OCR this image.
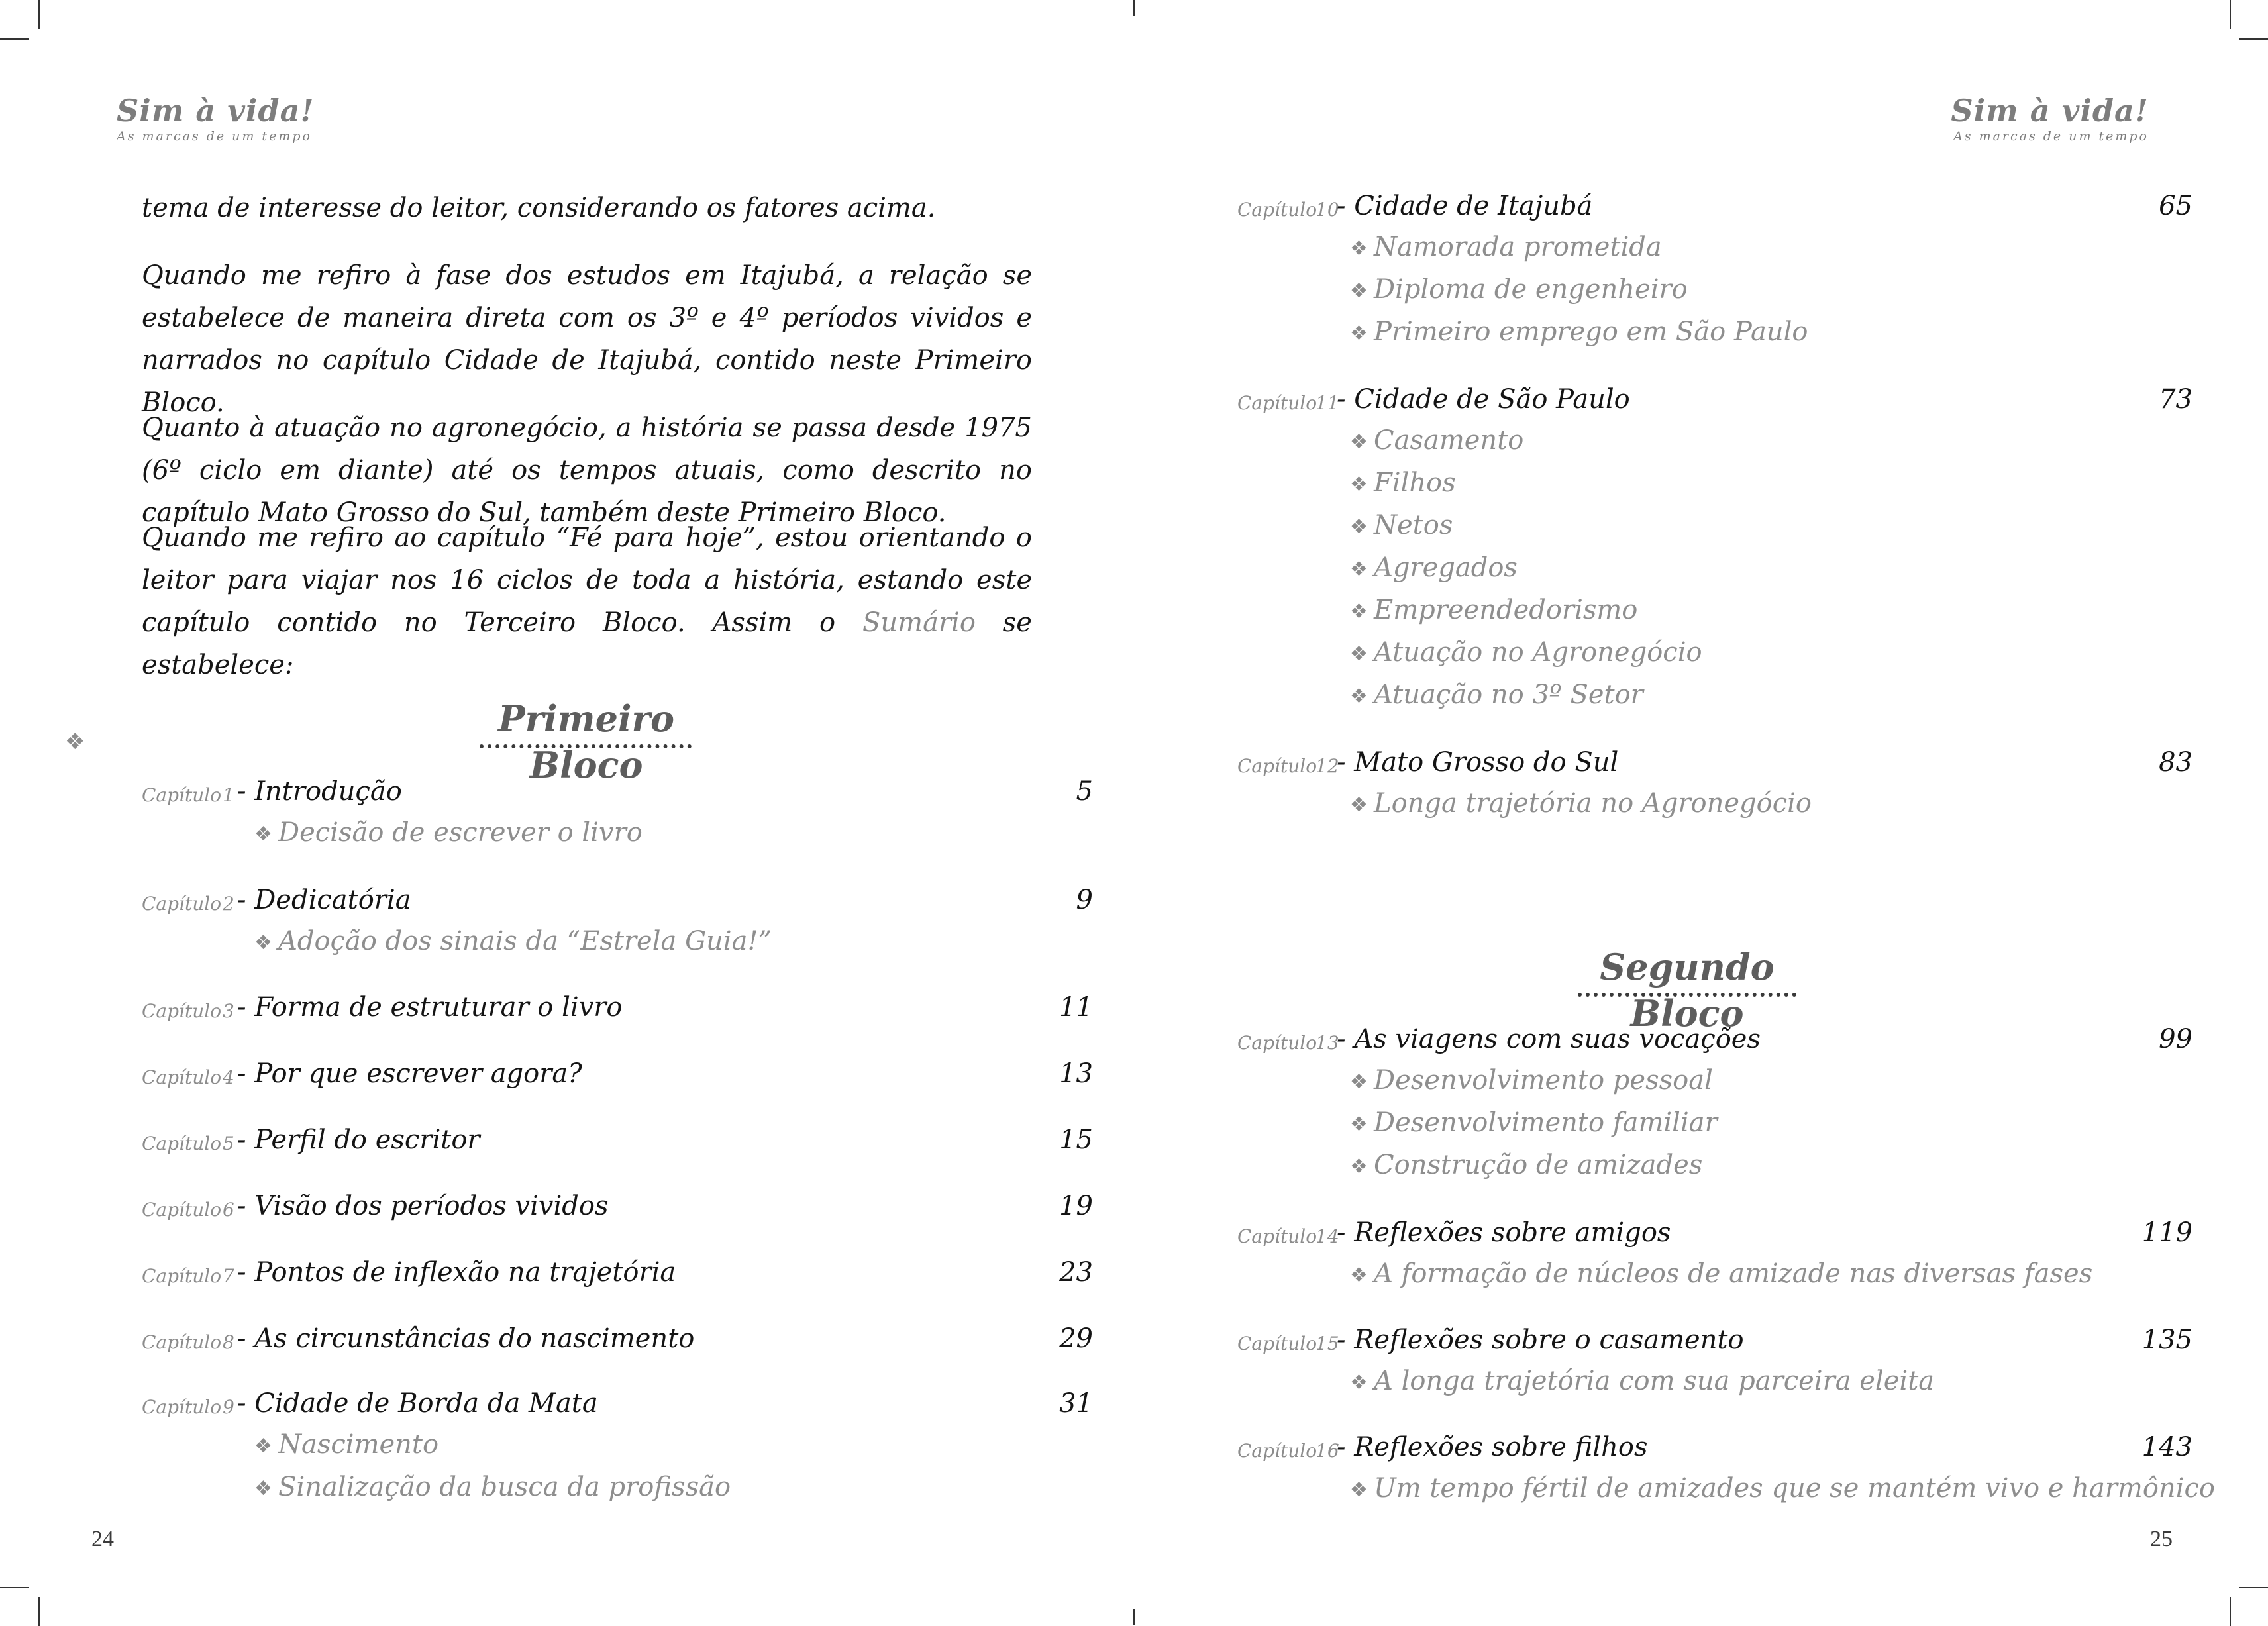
Sim à vida!
As marcas de um tempo

tema de interesse do leitor, considerando os fatores acima.

Quando me refiro à fase dos estudos em Itajubá, a relação se estabelece de maneira direta com os 3º e 4º períodos vividos e narrados no capítulo Cidade de Itajubá, contido neste Primeiro Bloco.

Quanto à atuação no agronegócio, a história se passa desde 1975 (6º ciclo em diante) até os tempos atuais, como descrito no capítulo Mato Grosso do Sul, também deste Primeiro Bloco.

Quando me refiro ao capítulo “Fé para hoje”, estou orientando o leitor para viajar nos 16 ciclos de toda a história, estando este capítulo contido no Terceiro Bloco. Assim o Sumário se estabelece:

❖
Primeiro Bloco
Capítulo 1 - Introdução	5
❖ Decisão de escrever o livro
Capítulo 2 - Dedicatória	9
❖ Adoção dos sinais da “Estrela Guia!”
Capítulo 3 - Forma de estruturar o livro	11
Capítulo 4 - Por que escrever agora?	13
Capítulo 5 - Perfil do escritor	15
Capítulo 6 - Visão dos períodos vividos	19
Capítulo 7 - Pontos de inflexão na trajetória	23
Capítulo 8 - As circunstâncias do nascimento	29
Capítulo 9 - Cidade de Borda da Mata	31
❖ Nascimento
❖ Sinalização da busca da profissão
24
Sim à vida!
As marcas de um tempo
Capítulo
10
- Cidade de Itajubá	65
❖ Namorada prometida
❖ Diploma de engenheiro
❖ Primeiro emprego em São Paulo
Capítulo
11
- Cidade de São Paulo	73
❖ Casamento
❖ Filhos
❖ Netos
❖ Agregados
❖ Empreendedorismo
❖ Atuação no Agronegócio
❖ Atuação no 3º Setor
Capítulo
12
- Mato Grosso do Sul	83
❖ Longa trajetória no Agronegócio
Segundo Bloco
Capítulo
13
- As viagens com suas vocações	99
❖ Desenvolvimento pessoal
❖ Desenvolvimento familiar
❖ Construção de amizades
Capítulo
14
- Reflexões sobre amigos	119
❖ A formação de núcleos de amizade nas diversas fases
Capítulo
15
- Reflexões sobre o casamento	135
❖ A longa trajetória com sua parceira eleita
Capítulo
16
- Reflexões sobre filhos	143
❖ Um tempo fértil de amizades que se mantém vivo e harmônico
25
